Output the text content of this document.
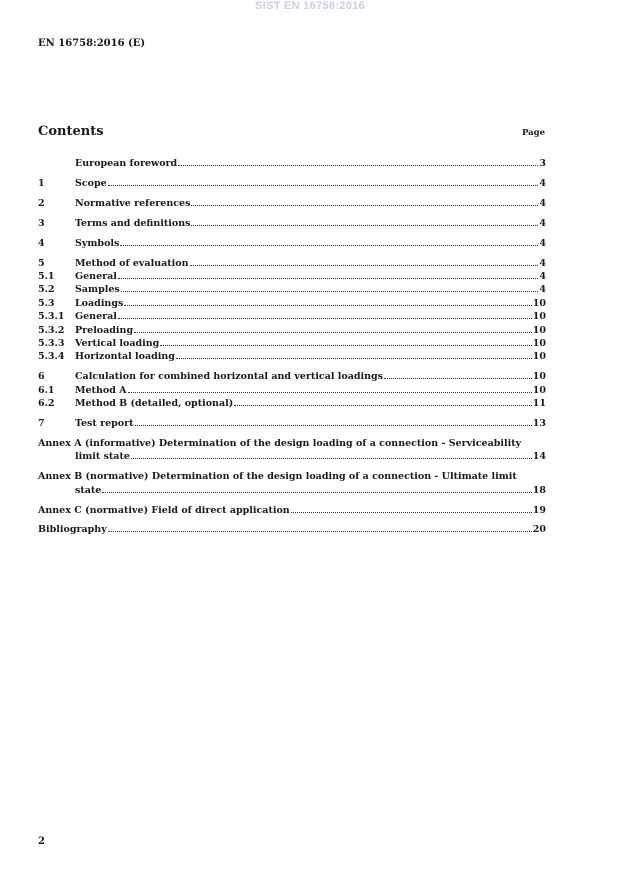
SIST EN 16758:2016
EN 16758:2016 (E)
Contents	Page
European foreword	3
1	Scope	4
2	Normative references	4
3	Terms and definitions	4
4	Symbols	4
5	Method of evaluation	4
5.1	General	4
5.2	Samples	4
5.3	Loadings	10
5.3.1	General	10
5.3.2	Preloading	10
5.3.3	Vertical loading	10
5.3.4	Horizontal loading	10
6	Calculation for combined horizontal and vertical loadings	10
6.1	Method A	10
6.2	Method B (detailed, optional)	11
7	Test report	13
Annex A (informative) Determination of the design loading of a connection - Serviceability
limit state	14
Annex B (normative) Determination of the design loading of a connection - Ultimate limit
state	18
Annex C (normative) Field of direct application	19
Bibliography	20
2
